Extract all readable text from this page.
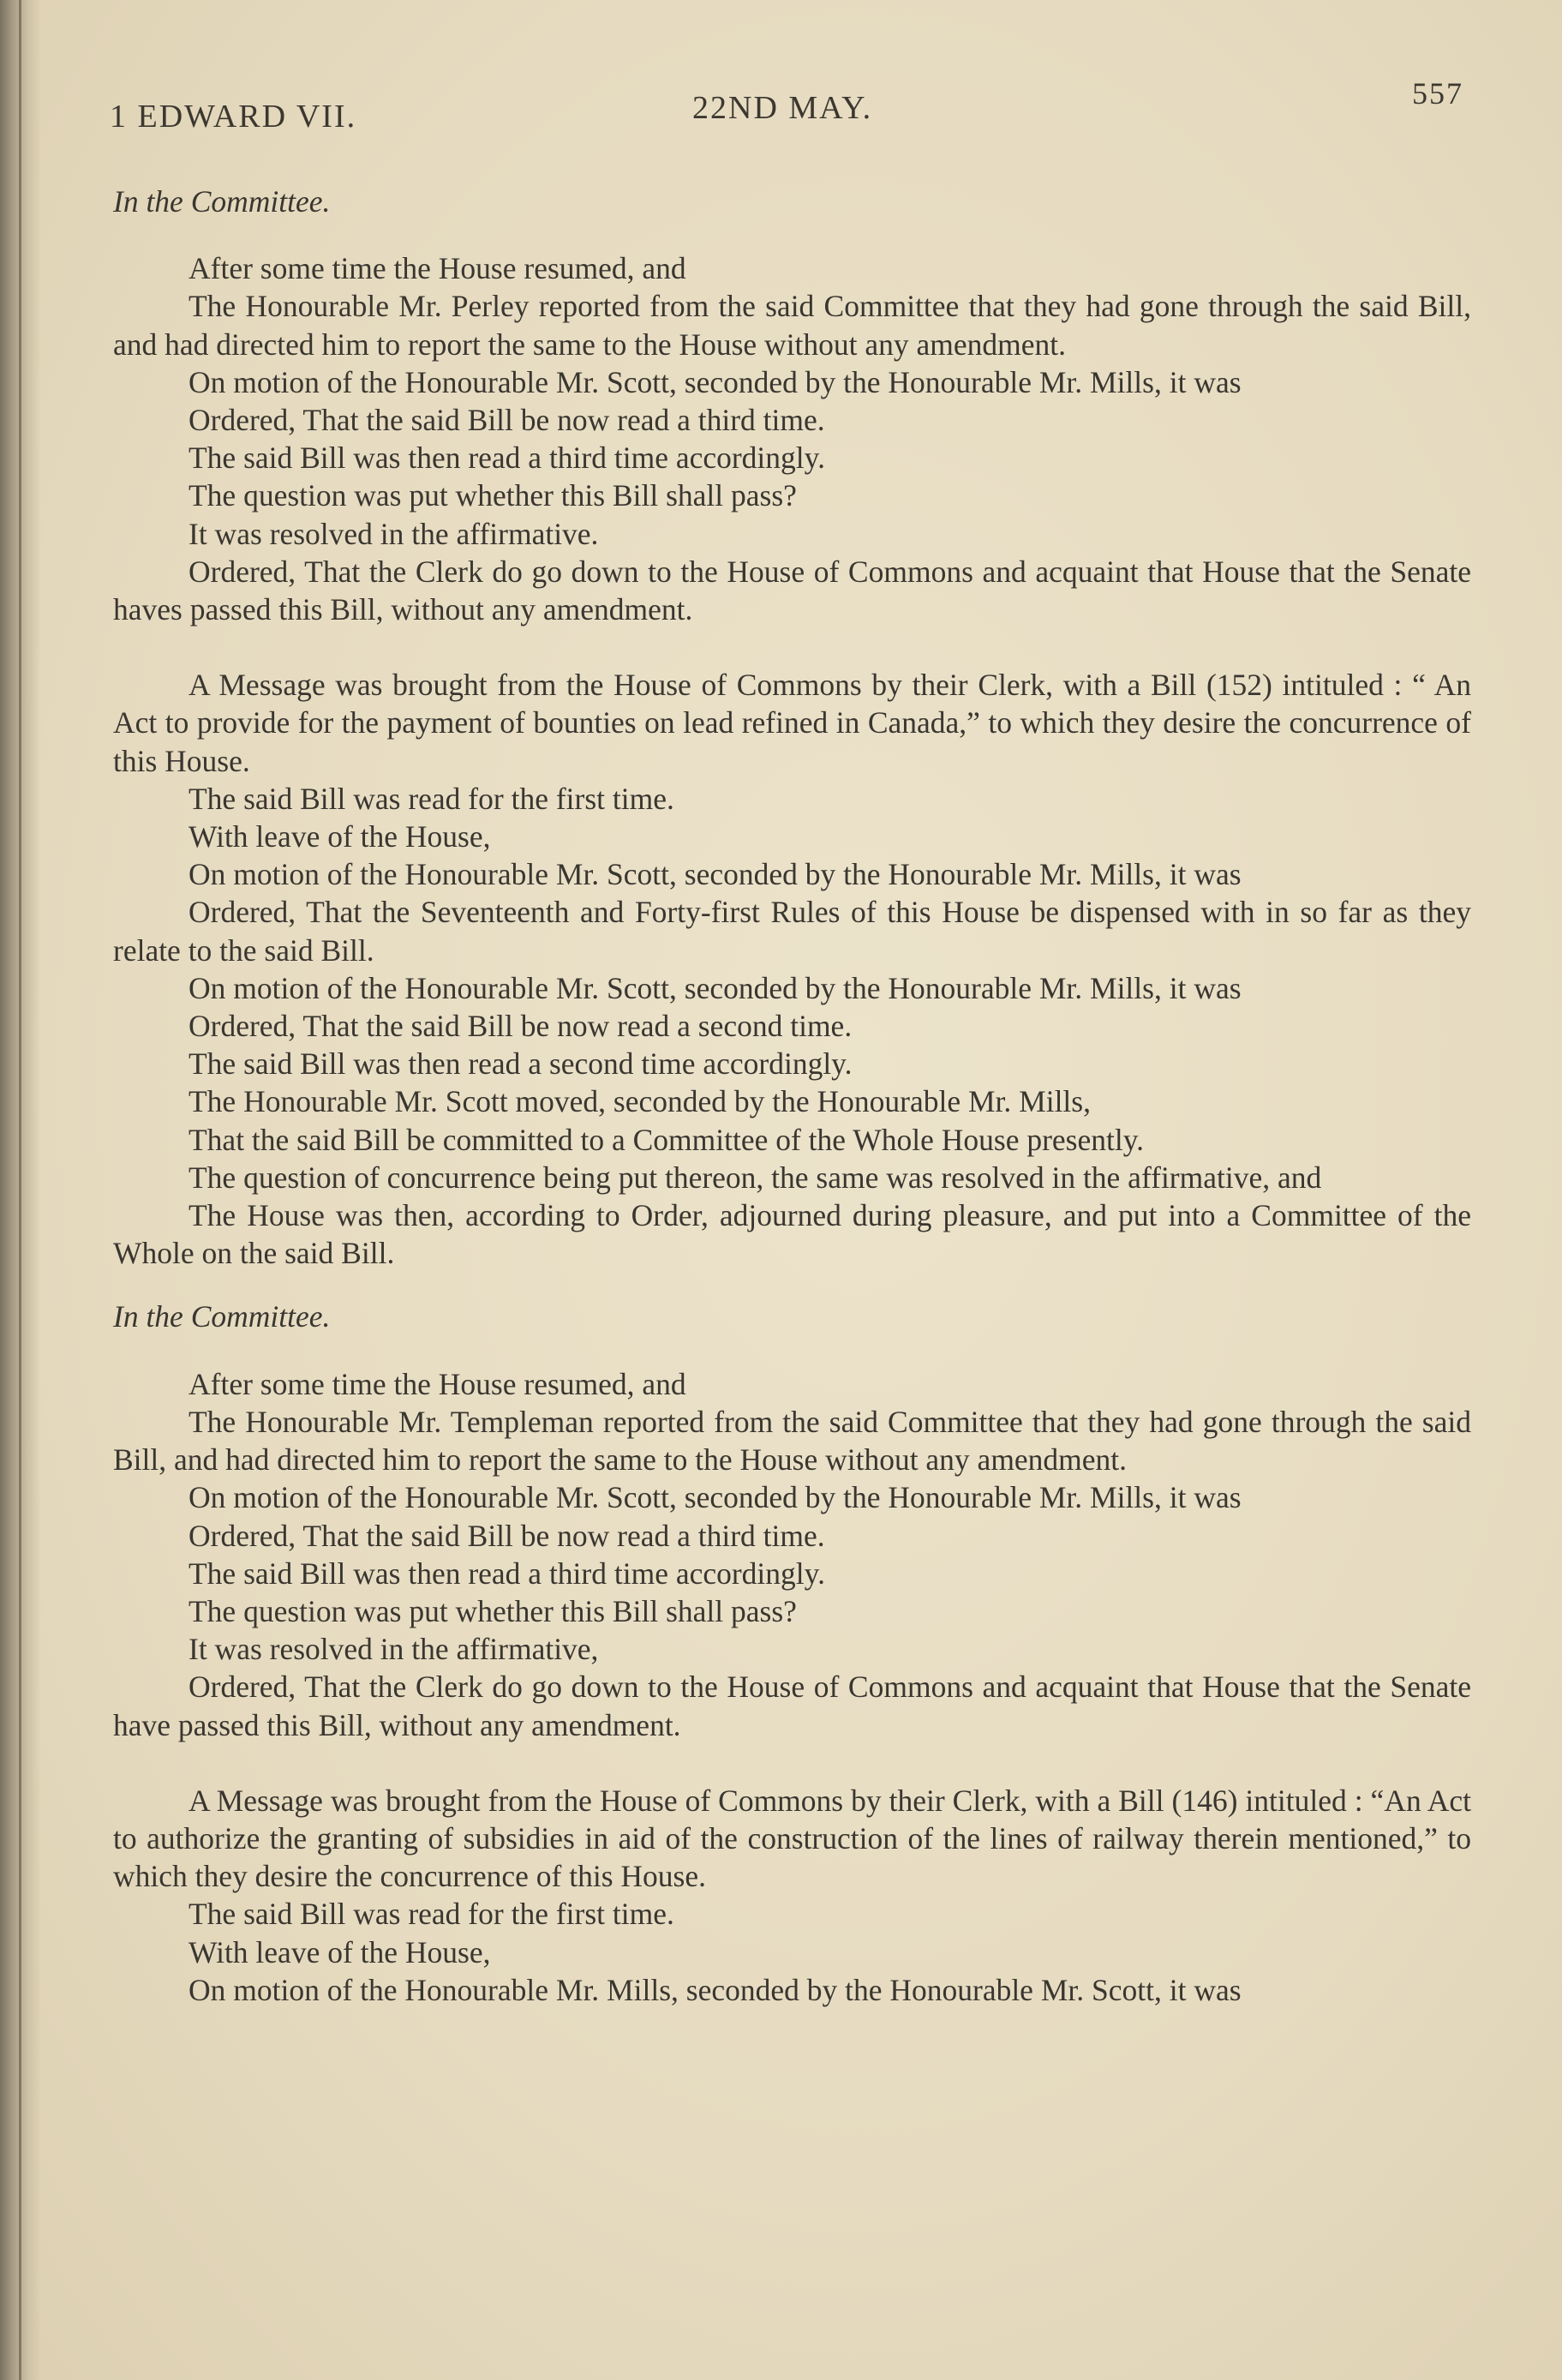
1 EDWARD VII.	22ND MAY.	557

In the Committee.

After some time the House resumed, and

The Honourable Mr. Perley reported from the said Committee that they had gone through the said Bill, and had directed him to report the same to the House without any amendment.

On motion of the Honourable Mr. Scott, seconded by the Honourable Mr. Mills, it was

Ordered, That the said Bill be now read a third time.

The said Bill was then read a third time accordingly.

The question was put whether this Bill shall pass?

It was resolved in the affirmative.

Ordered, That the Clerk do go down to the House of Commons and acquaint that House that the Senate haves passed this Bill, without any amendment.

A Message was brought from the House of Commons by their Clerk, with a Bill (152) intituled : “ An Act to provide for the payment of bounties on lead refined in Canada,” to which they desire the concurrence of this House.

The said Bill was read for the first time.

With leave of the House,

On motion of the Honourable Mr. Scott, seconded by the Honourable Mr. Mills, it was

Ordered, That the Seventeenth and Forty-first Rules of this House be dispensed with in so far as they relate to the said Bill.

On motion of the Honourable Mr. Scott, seconded by the Honourable Mr. Mills, it was

Ordered, That the said Bill be now read a second time.

The said Bill was then read a second time accordingly.

The Honourable Mr. Scott moved, seconded by the Honourable Mr. Mills,

That the said Bill be committed to a Committee of the Whole House presently.

The question of concurrence being put thereon, the same was resolved in the affirmative, and

The House was then, according to Order, adjourned during pleasure, and put into a Committee of the Whole on the said Bill.

In the Committee.

After some time the House resumed, and

The Honourable Mr. Templeman reported from the said Committee that they had gone through the said Bill, and had directed him to report the same to the House without any amendment.

On motion of the Honourable Mr. Scott, seconded by the Honourable Mr. Mills, it was

Ordered, That the said Bill be now read a third time.

The said Bill was then read a third time accordingly.

The question was put whether this Bill shall pass?

It was resolved in the affirmative,

Ordered, That the Clerk do go down to the House of Commons and acquaint that House that the Senate have passed this Bill, without any amendment.

A Message was brought from the House of Commons by their Clerk, with a Bill (146) intituled : “An Act to authorize the granting of subsidies in aid of the construction of the lines of railway therein mentioned,” to which they desire the concurrence of this House.

The said Bill was read for the first time.

With leave of the House,

On motion of the Honourable Mr. Mills, seconded by the Honourable Mr. Scott, it was
